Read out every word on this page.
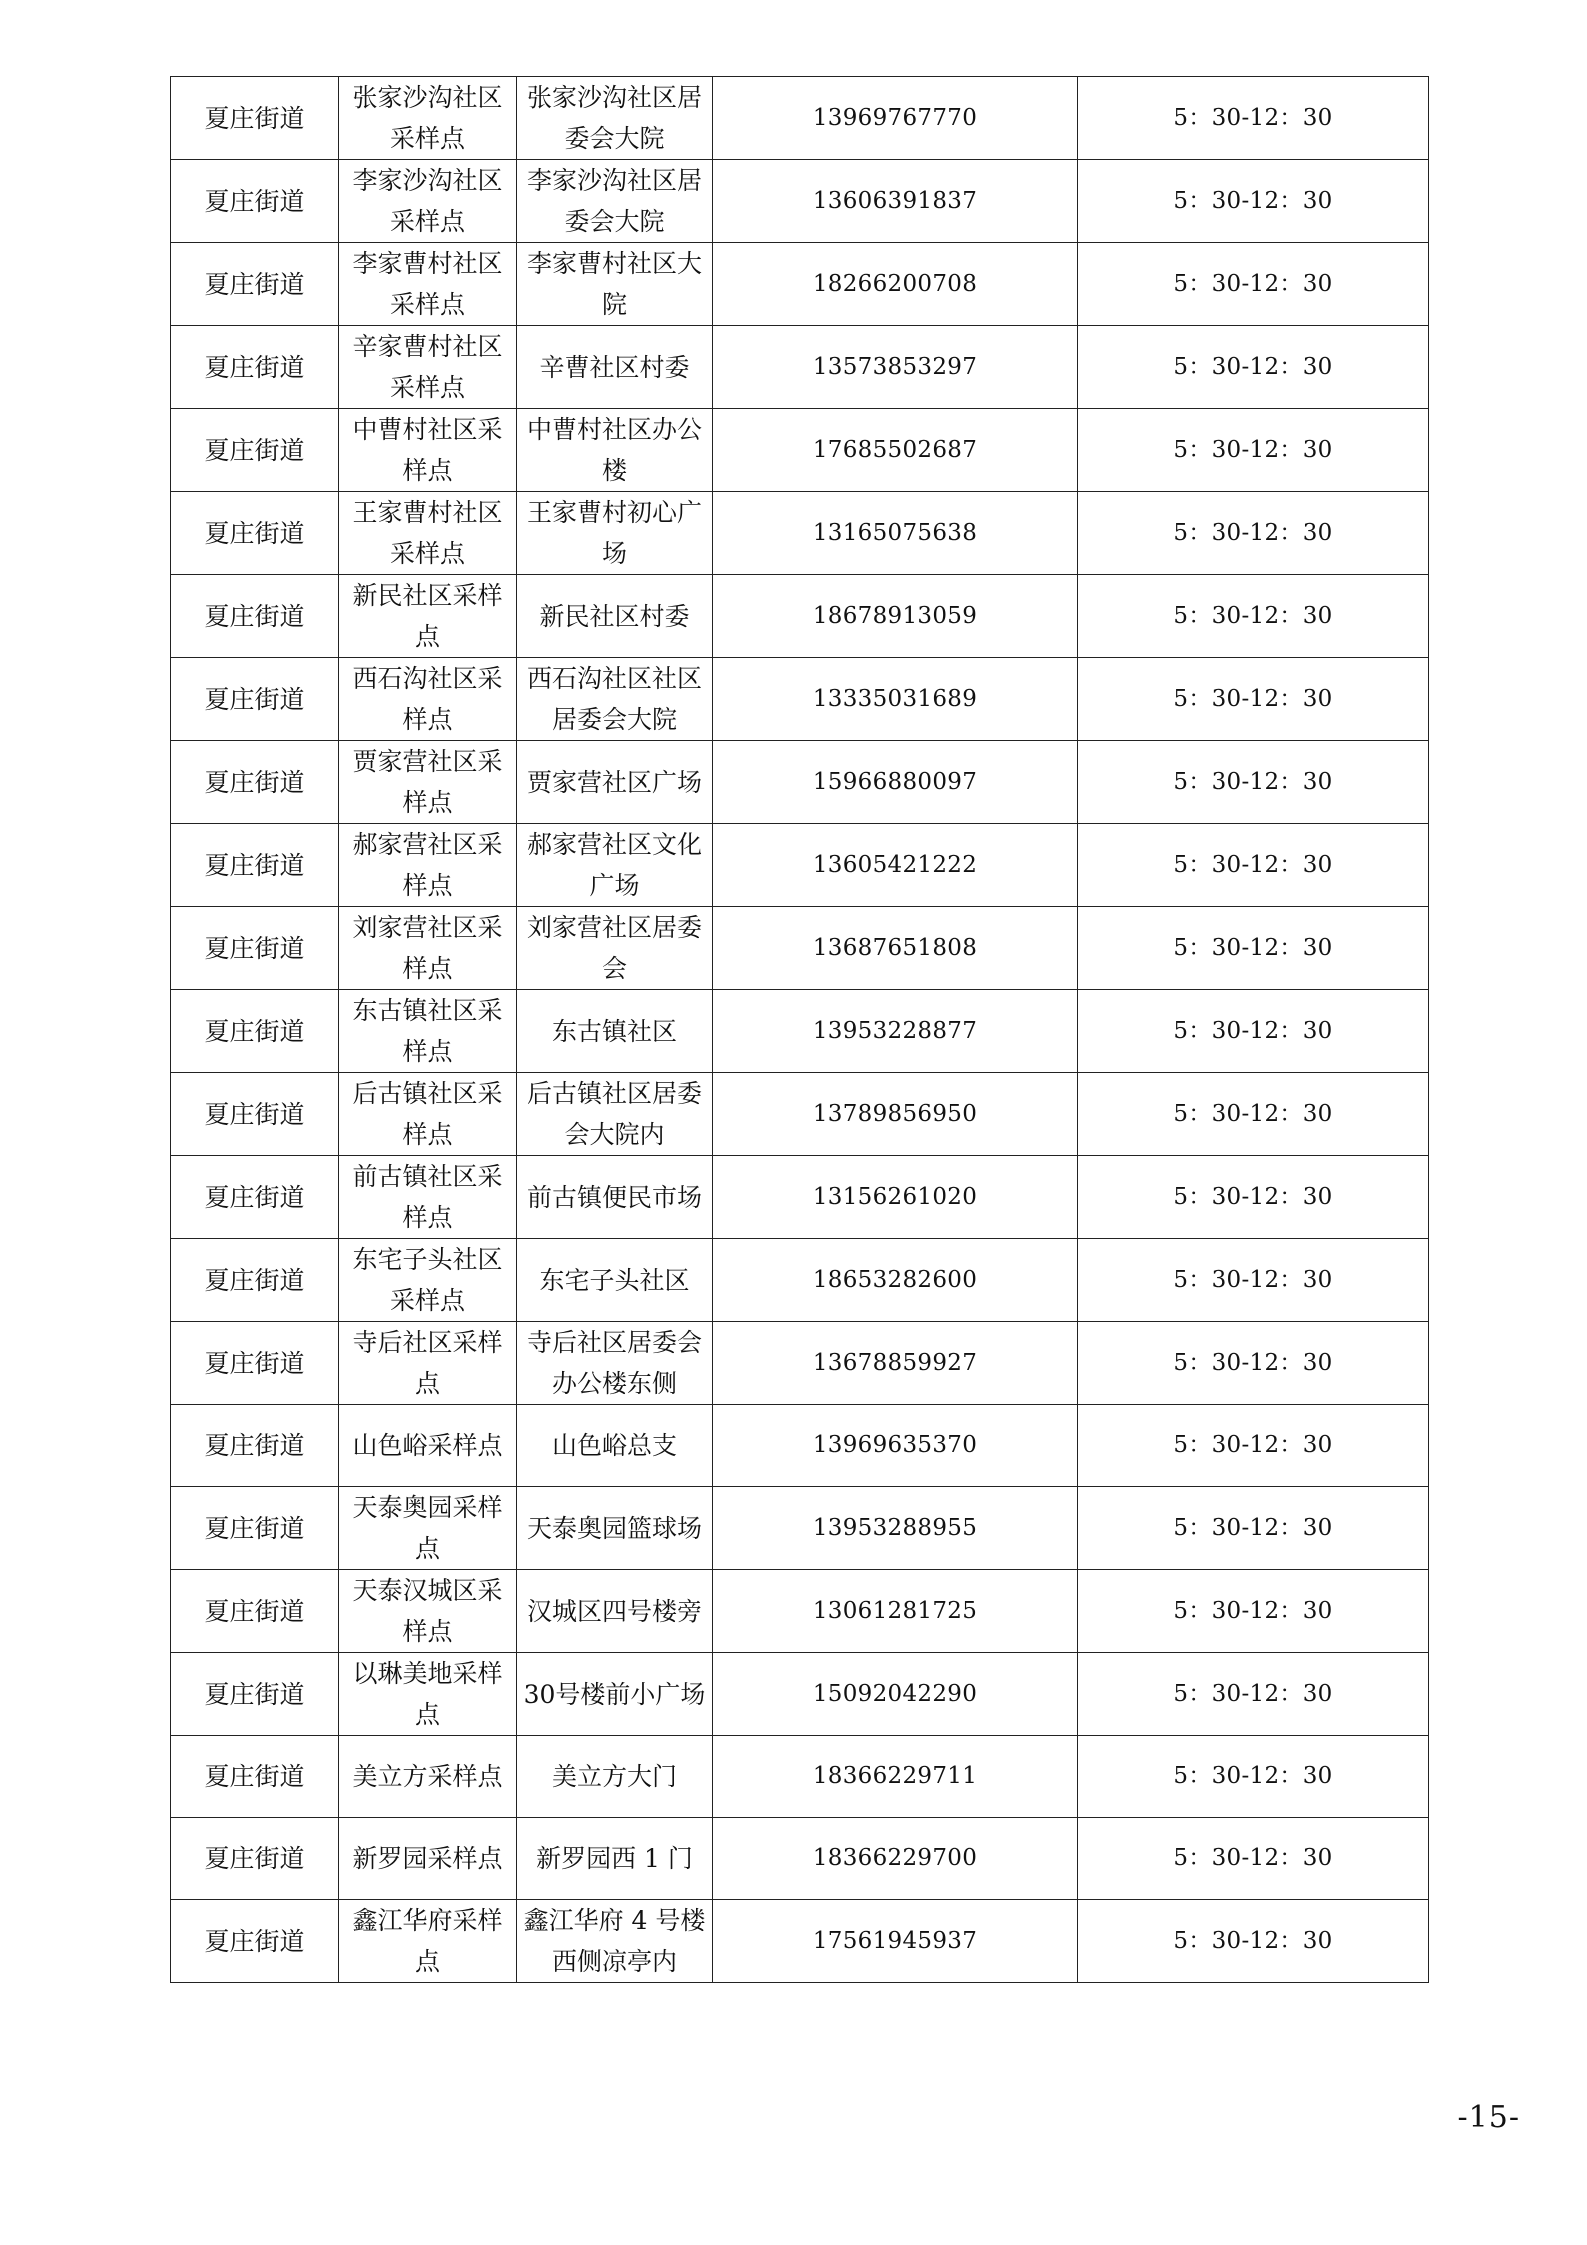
夏庄街道	张家沙沟社区采样点	张家沙沟社区居委会大院	13969767770	5：30-12：30
夏庄街道	李家沙沟社区采样点	李家沙沟社区居委会大院	13606391837	5：30-12：30
夏庄街道	李家曹村社区采样点	李家曹村社区大院	18266200708	5：30-12：30
夏庄街道	辛家曹村社区采样点	辛曹社区村委	13573853297	5：30-12：30
夏庄街道	中曹村社区采样点	中曹村社区办公楼	17685502687	5：30-12：30
夏庄街道	王家曹村社区采样点	王家曹村初心广场	13165075638	5：30-12：30
夏庄街道	新民社区采样点	新民社区村委	18678913059	5：30-12：30
夏庄街道	西石沟社区采样点	西石沟社区社区居委会大院	13335031689	5：30-12：30
夏庄街道	贾家营社区采样点	贾家营社区广场	15966880097	5：30-12：30
夏庄街道	郝家营社区采样点	郝家营社区文化广场	13605421222	5：30-12：30
夏庄街道	刘家营社区采样点	刘家营社区居委会	13687651808	5：30-12：30
夏庄街道	东古镇社区采样点	东古镇社区	13953228877	5：30-12：30
夏庄街道	后古镇社区采样点	后古镇社区居委会大院内	13789856950	5：30-12：30
夏庄街道	前古镇社区采样点	前古镇便民市场	13156261020	5：30-12：30
夏庄街道	东宅子头社区采样点	东宅子头社区	18653282600	5：30-12：30
夏庄街道	寺后社区采样点	寺后社区居委会办公楼东侧	13678859927	5：30-12：30
夏庄街道	山色峪采样点	山色峪总支	13969635370	5：30-12：30
夏庄街道	天泰奥园采样点	天泰奥园篮球场	13953288955	5：30-12：30
夏庄街道	天泰汉城区采样点	汉城区四号楼旁	13061281725	5：30-12：30
夏庄街道	以琳美地采样点	30号楼前小广场	15092042290	5：30-12：30
夏庄街道	美立方采样点	美立方大门	18366229711	5：30-12：30
夏庄街道	新罗园采样点	新罗园西 1 门	18366229700	5：30-12：30
夏庄街道	鑫江华府采样点	鑫江华府 4 号楼西侧凉亭内	17561945937	5：30-12：30
-15-
